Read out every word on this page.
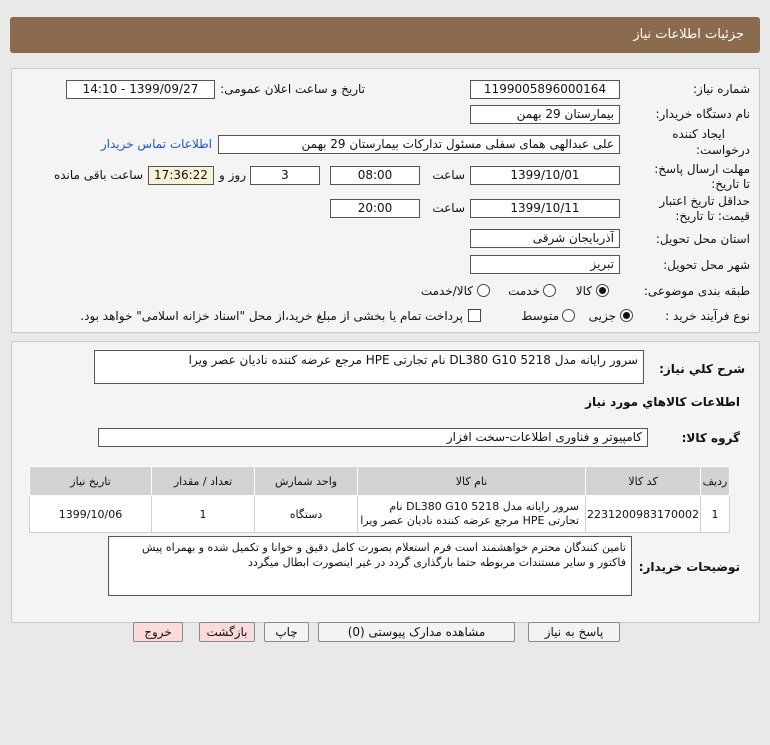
جزئیات اطلاعات نیاز
شماره نیاز:
1199005896000164
تاریخ و ساعت اعلان عمومی:
1399/09/27 - 14:10
نام دستگاه خریدار:
بیمارستان 29 بهمن
ایجاد کننده
درخواست:
علی عبدالهی همای سفلی مسئول تداركات بیمارستان 29 بهمن
اطلاعات تماس خریدار
مهلت ارسال پاسخ:
تا تاریخ:
1399/10/01
ساعت
08:00
3
روز و
17:36:22
ساعت باقی مانده
حداقل تاریخ اعتبار
قیمت: تا تاریخ:
1399/10/11
ساعت
20:00
استان محل تحویل:
آذربایجان شرقی
شهر محل تحویل:
تبریز
طبقه بندی موضوعی:
کالا
خدمت
کالا/خدمت
نوع فرآیند خرید :
جزیی
متوسط
پرداخت تمام یا بخشی از مبلغ خرید،از محل "اسناد خزانه اسلامی" خواهد بود.
شرح كلي نياز:
سرور رایانه مدل DL380 G10 5218 نام تجارتی HPE مرجع عرضه کننده نادیان عصر ویرا
اطلاعات كالاهاي مورد نياز
گروه كالا:
كامپيوتر و فناوری اطلاعات-سخت افزار
ردیف	کد کالا	نام کالا	واحد شمارش	تعداد / مقدار	تاریخ نیاز
1	2231200983170002	سرور رایانه مدل DL380 G10 5218 نام تجارتی HPE مرجع عرضه کننده نادیان عصر ویرا	دستگاه	1	1399/10/06
توضیحات خریدار:
تامین کنندگان محترم خواهشمند است فرم استعلام بصورت کامل دقیق و خوانا و تکمیل شده و بهمراه پیش فاکتور و سایر مستندات مربوطه حتما بارگذاری گردد در غیر اینصورت ابطال میگردد
پاسخ به نیاز
مشاهده مدارک پیوستی (0)
چاپ
بازگشت
خروج
